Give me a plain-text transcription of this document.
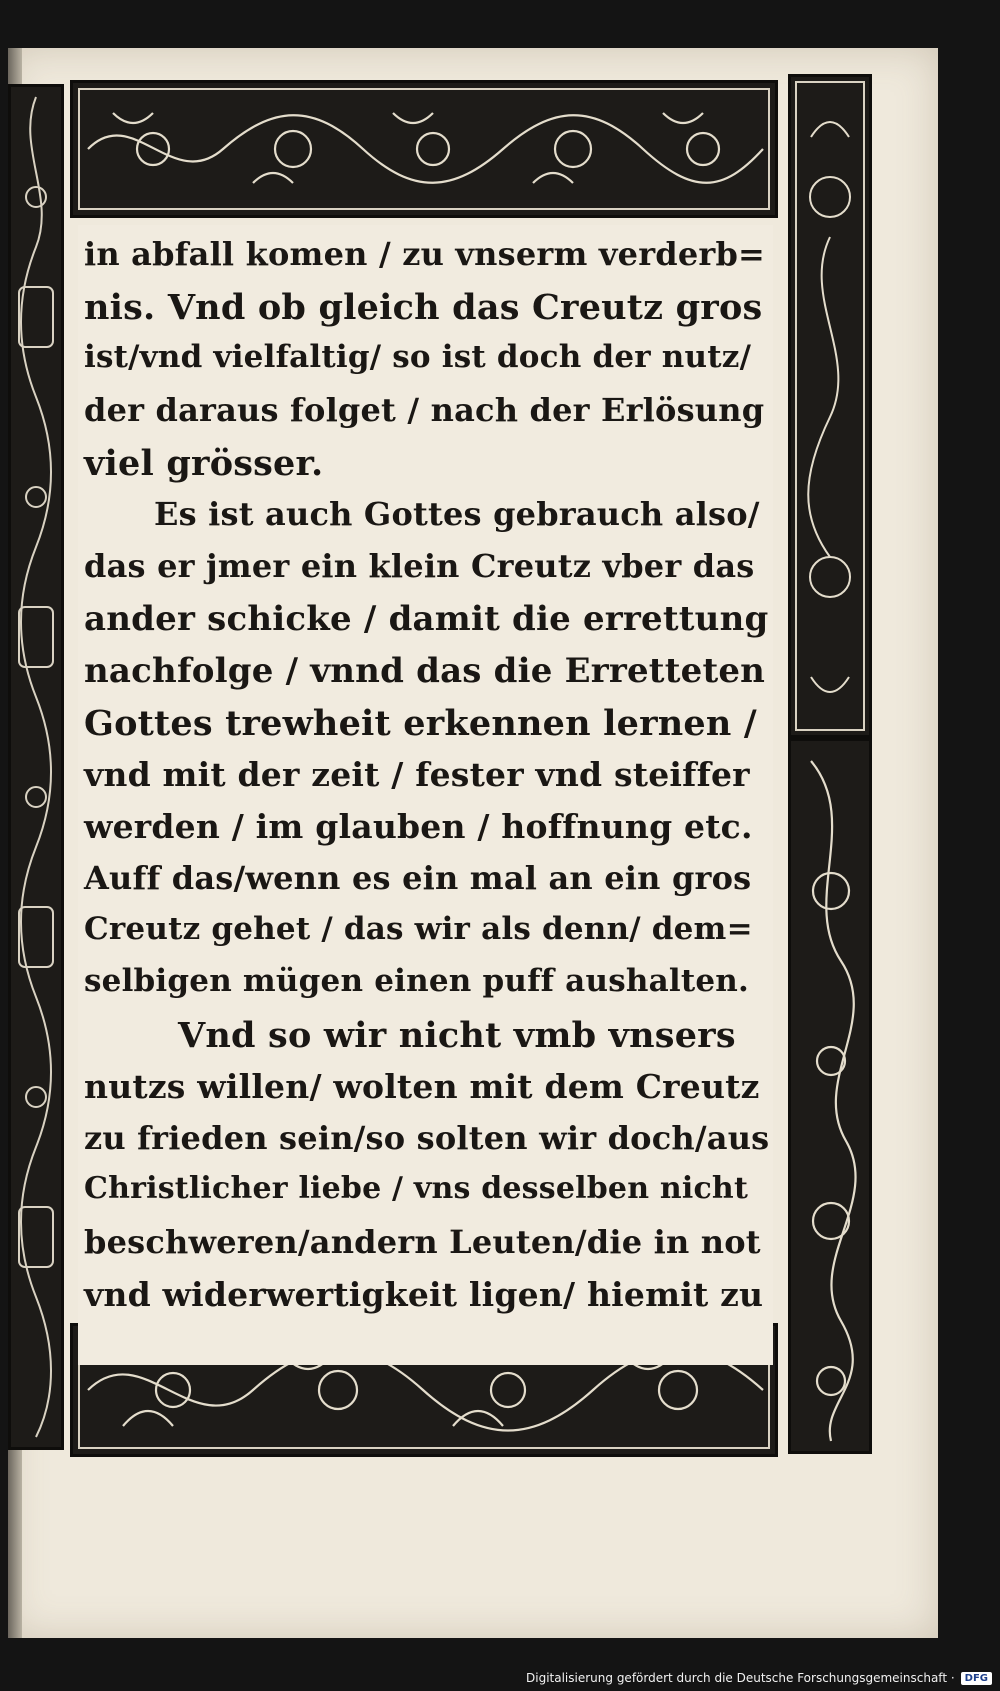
in abfall komen / zu vnserm verderb=
nis. Vnd ob gleich das Creutz gros
ist/vnd vielfaltig/ so ist doch der nutz/
der daraus folget / nach der Erlösung
viel grösser.
Es ist auch Gottes gebrauch also/
das er jmer ein klein Creutz vber das
ander schicke / damit die errettung
nachfolge / vnnd das die Erretteten
Gottes trewheit erkennen lernen /
vnd mit der zeit / fester vnd steiffer
werden / im glauben / hoffnung etc.
Auff das/wenn es ein mal an ein gros
Creutz gehet / das wir als denn/ dem=
selbigen mügen einen puff aushalten.
Vnd so wir nicht vmb vnsers
nutzs willen/ wolten mit dem Creutz
zu frieden sein/so solten wir doch/aus
Christlicher liebe / vns desselben nicht
beschweren/andern Leuten/die in not
vnd widerwertigkeit ligen/ hiemit zu
Digitalisierung gefördert durch die Deutsche Forschungsgemeinschaft ·	DFG
